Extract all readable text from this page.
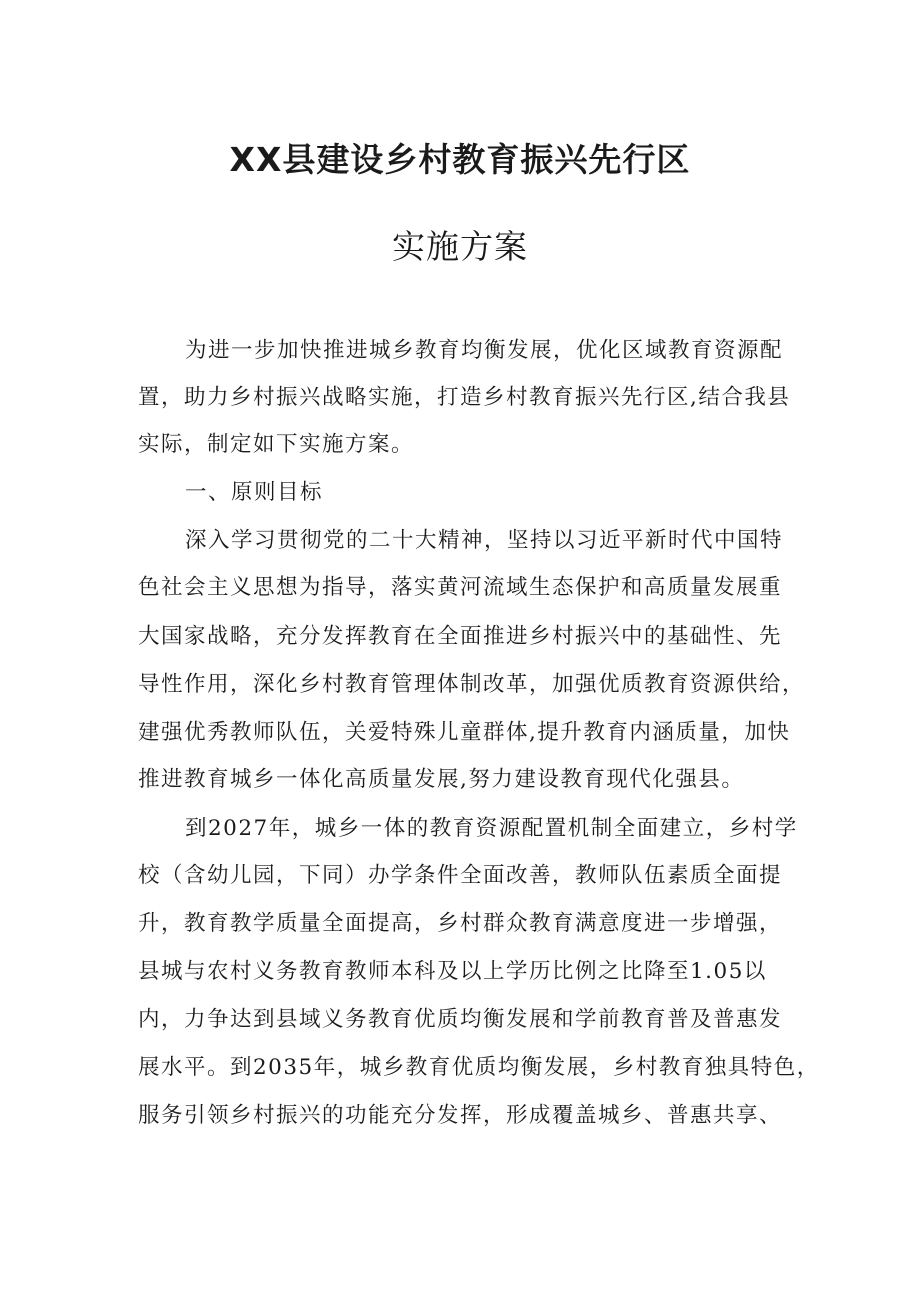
XX县建设乡村教育振兴先行区
实施方案
为进一步加快推进城乡教育均衡发展，优化区域教育资源配
置，助力乡村振兴战略实施，打造乡村教育振兴先行区,结合我县
实际，制定如下实施方案。
一、原则目标
深入学习贯彻党的二十大精神，坚持以习近平新时代中国特
色社会主义思想为指导，落实黄河流域生态保护和高质量发展重
大国家战略，充分发挥教育在全面推进乡村振兴中的基础性、先
导性作用，深化乡村教育管理体制改革，加强优质教育资源供给，
建强优秀教师队伍，关爱特殊儿童群体,提升教育内涵质量，加快
推进教育城乡一体化高质量发展,努力建设教育现代化强县。
到2027年，城乡一体的教育资源配置机制全面建立，乡村学
校（含幼儿园，下同）办学条件全面改善，教师队伍素质全面提
升，教育教学质量全面提高，乡村群众教育满意度进一步增强，
县城与农村义务教育教师本科及以上学历比例之比降至1.05以
内，力争达到县域义务教育优质均衡发展和学前教育普及普惠发
展水平。到2035年，城乡教育优质均衡发展，乡村教育独具特色，
服务引领乡村振兴的功能充分发挥，形成覆盖城乡、普惠共享、
